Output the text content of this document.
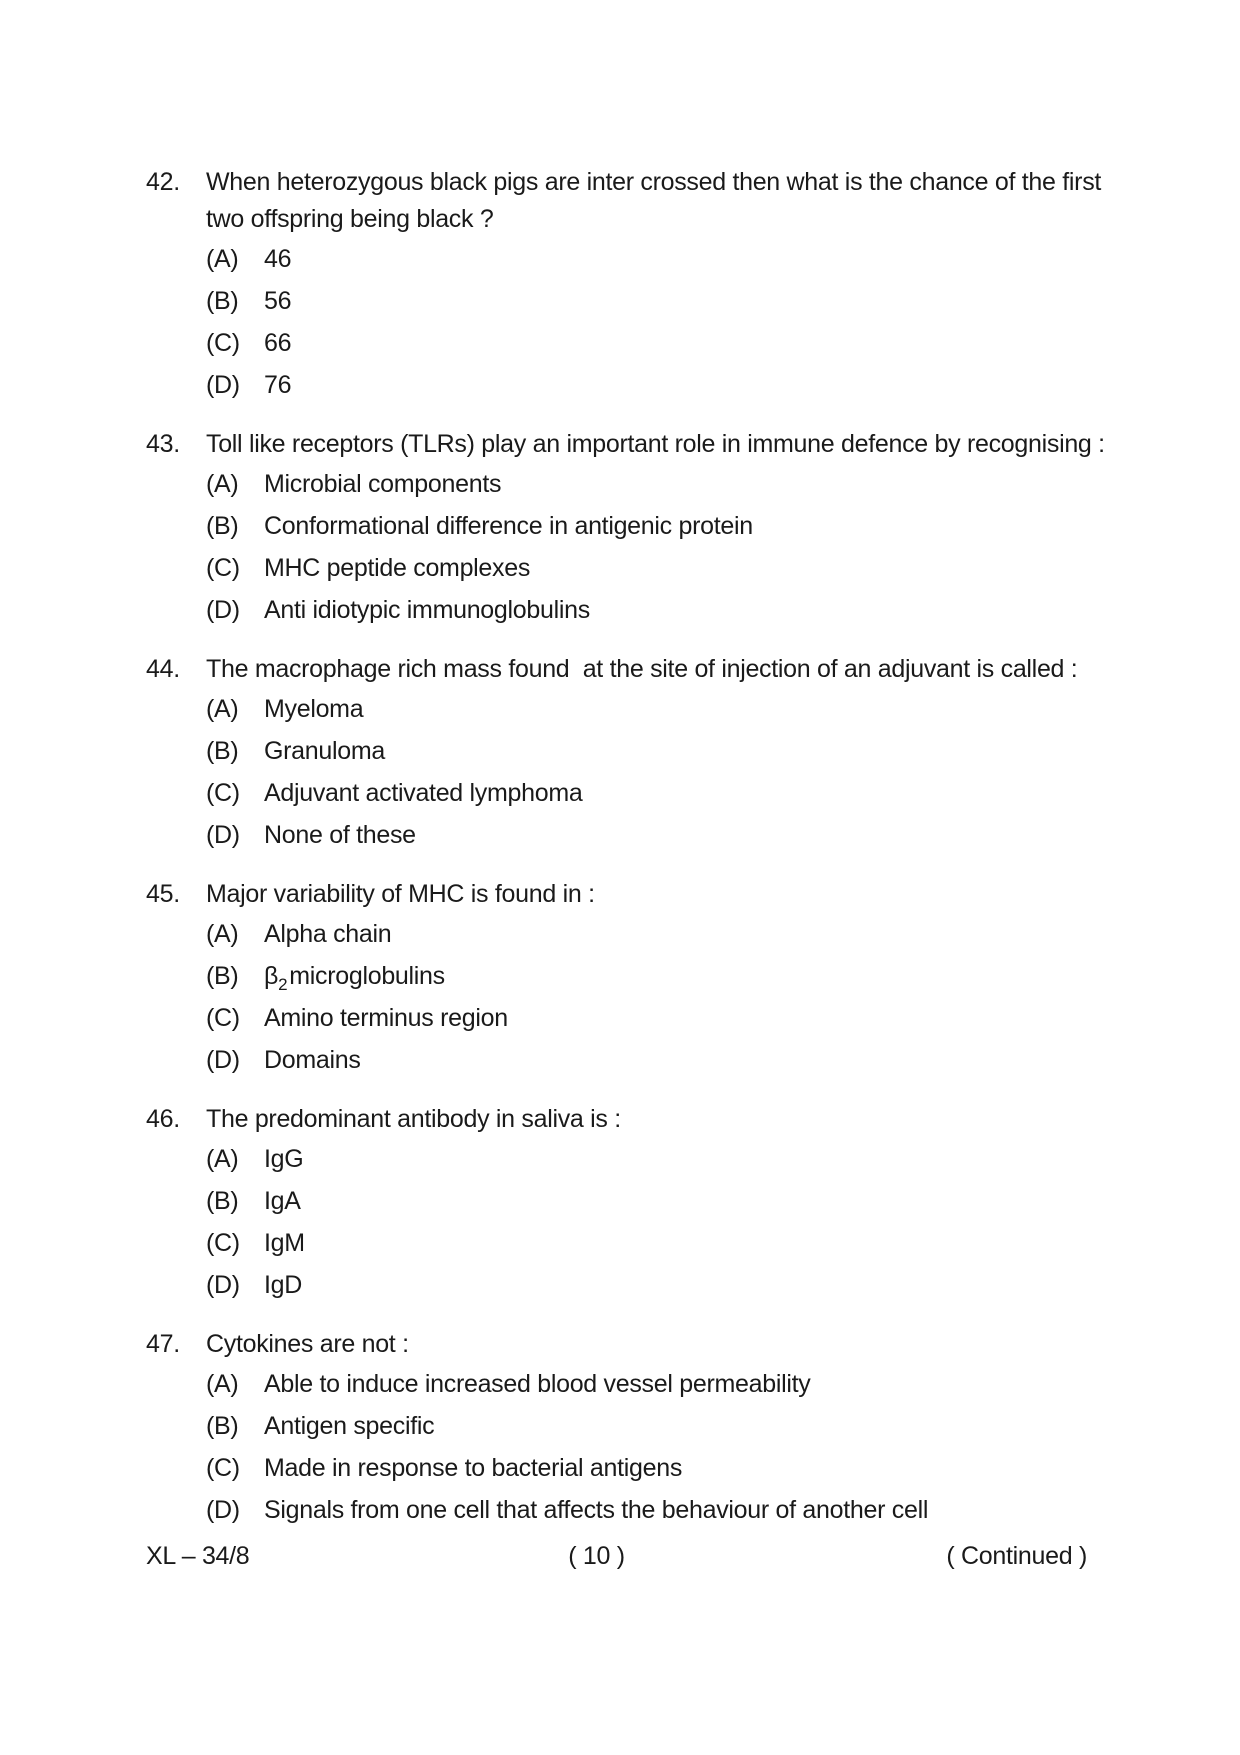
42. When heterozygous black pigs are inter crossed then what is the chance of the first two offspring being black ?
(A) 46
(B) 56
(C) 66
(D) 76
43. Toll like receptors (TLRs) play an important role in immune defence by recognising :
(A) Microbial components
(B) Conformational difference in antigenic protein
(C) MHC peptide complexes
(D) Anti idiotypic immunoglobulins
44. The macrophage rich mass found  at the site of injection of an adjuvant is called :
(A) Myeloma
(B) Granuloma
(C) Adjuvant activated lymphoma
(D) None of these
45. Major variability of MHC is found in :
(A) Alpha chain
(B) $\beta_2microglobulins$
(C) Amino terminus region
(D) Domains
46. The predominant antibody in saliva is :
(A) IgG
(B) IgA
(C) IgM
(D) IgD
47. Cytokines are not :
(A) Able to induce increased blood vessel permeability
(B) Antigen specific
(C) Made in response to bacterial antigens
(D) Signals from one cell that affects the behaviour of another cell
XL – 34/8	( 10 )	( Continued )
